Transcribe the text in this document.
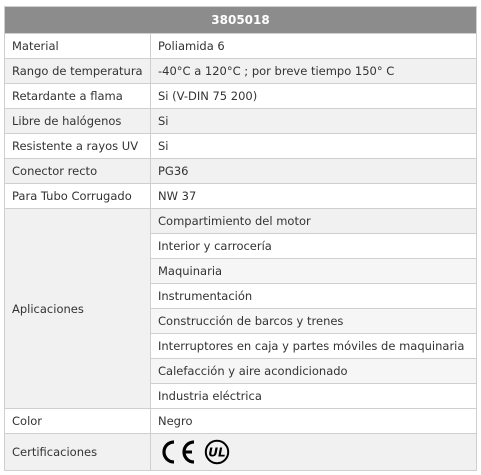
3805018	
Material	Poliamida 6
Rango de temperatura	-40°C a 120°C ; por breve tiempo 150° C
Retardante a flama	Si (V-DIN 75 200)
Libre de halógenos	Si
Resistente a rayos UV	Si
Conector recto	PG36
Para Tubo Corrugado	NW 37
Aplicaciones	Compartimiento del motor
	Interior y carrocería
	Maquinaria
	Instrumentación
	Construcción de barcos y trenes
	Interruptores en caja y partes móviles de maquinaria
	Calefacción y aire acondicionado
	Industria eléctrica
Color	Negro
Certificaciones	UL
